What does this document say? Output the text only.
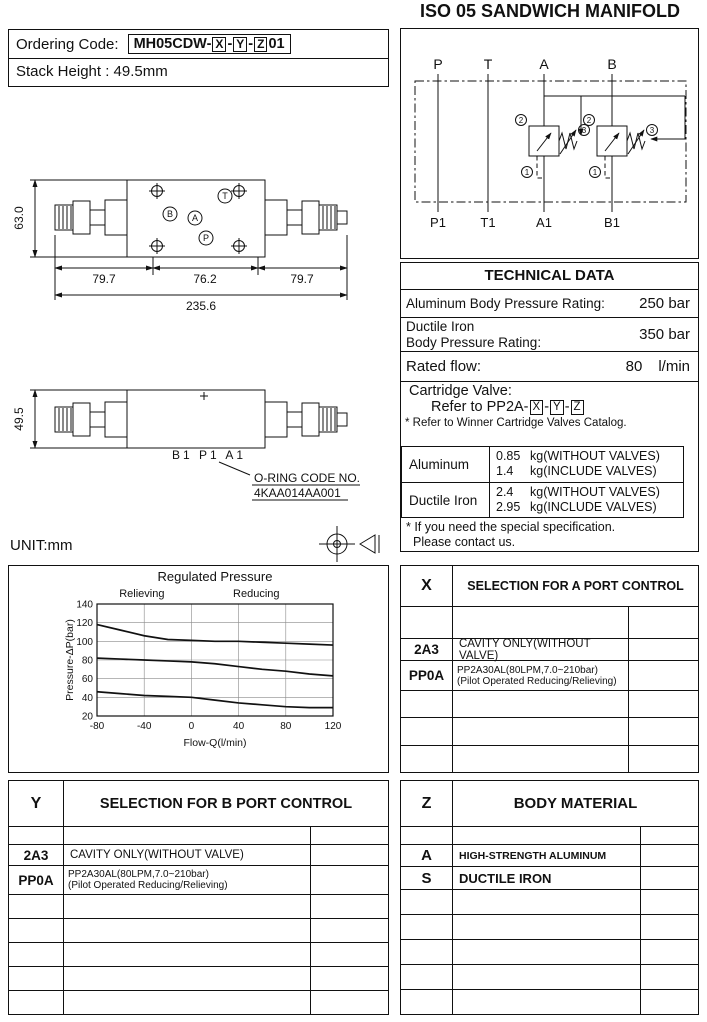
ISO 05 SANDWICH MANIFOLD
Ordering Code: MH05CDW- X - Y - Z 01
Stack Height : 49.5mm	P	T	A	B
2
3
1
2
3
1
P1	T1	A1	B1
B A
P
T
79.7	76.2	79.7
235.6
63.0
49.5
B1 P1 A1
O-RING CODE NO.
4KAA014AA001
UNIT:mm
TECHNICAL DATA
Aluminum Body Pressure Rating:	250 bar
Ductile Iron
Body Pressure Rating:	350 bar
Rated flow:	80 l/min
Cartridge Valve:
Refer to PP2A- X - Y - Z
* Refer to Winner Cartridge Valves Catalog.
Aluminum
0.85 kg(WITHOUT VALVES)
1.4 kg(INCLUDE VALVES)
Ductile Iron
2.4 kg(WITHOUT VALVES)
2.95 kg(INCLUDE VALVES)
* If you need the special specification.
Please contact us.
-80	-40	0	40	80	120
20
40
60
80
100
120
140
Regulated Pressure
Relieving	Reducing
Flow-Q(l/min)
Pressure-ΔP(bar)
X	SELECTION FOR A PORT CONTROL
2A3	CAVITY ONLY(WITHOUT VALVE)
PP0A	PP2A30AL(80LPM,7.0~210bar)
(Pilot Operated Reducing/Relieving)
Y	SELECTION FOR B PORT CONTROL
2A3	CAVITY ONLY(WITHOUT VALVE)
PP0A	PP2A30AL(80LPM,7.0~210bar)
(Pilot Operated Reducing/Relieving)
Z	BODY MATERIAL
A	HIGH-STRENGTH ALUMINUM
S	DUCTILE IRON
